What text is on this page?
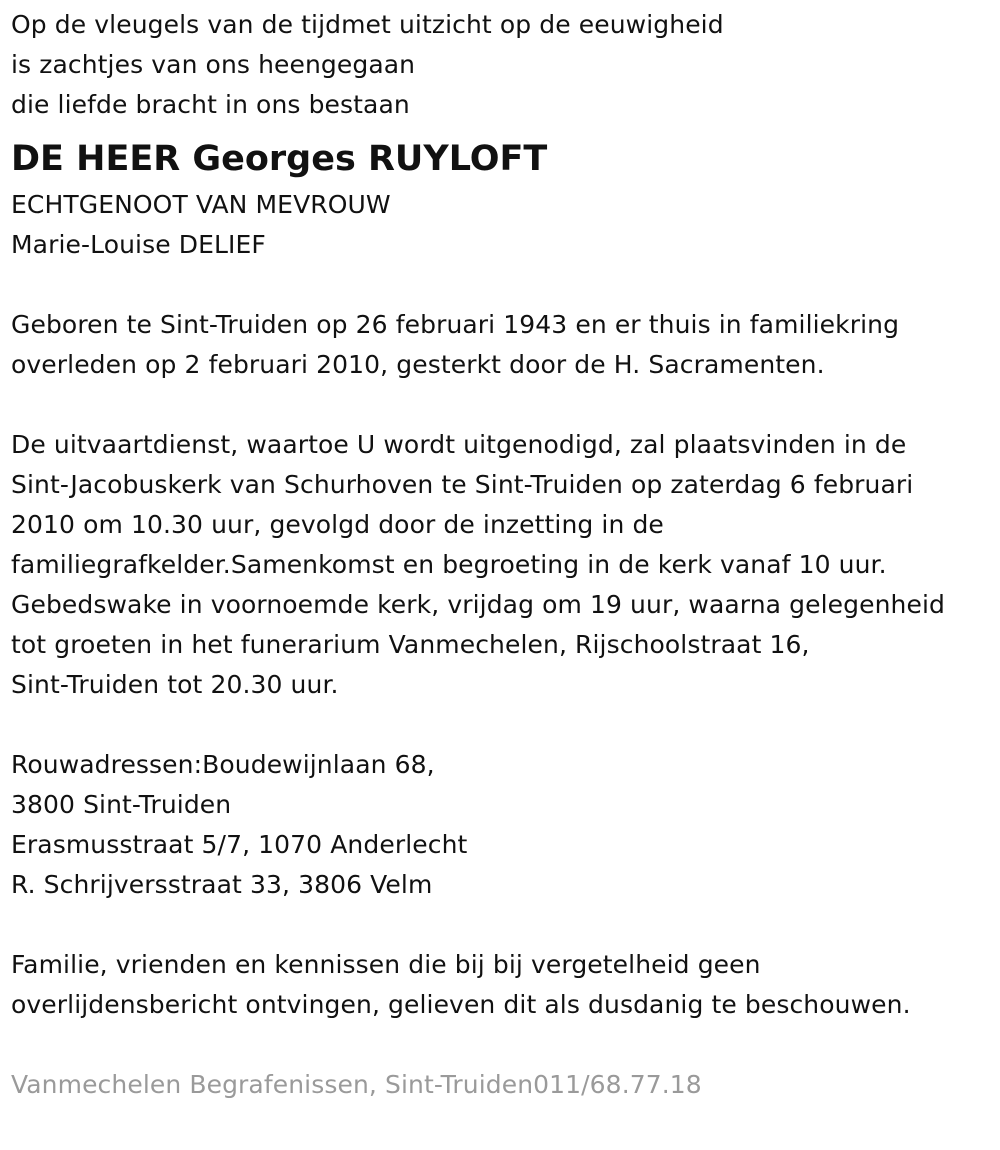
Op de vleugels van de tijdmet uitzicht op de eeuwigheid
is zachtjes van ons heengegaan
die liefde bracht in ons bestaan
DE HEER Georges RUYLOFT
ECHTGENOOT VAN MEVROUW
Marie-Louise DELIEF
Geboren te Sint-Truiden op 26 februari 1943 en er thuis in familiekring
overleden op 2 februari 2010, gesterkt door de H. Sacramenten.
De uitvaartdienst, waartoe U wordt uitgenodigd, zal plaatsvinden in de
Sint-Jacobuskerk van Schurhoven te Sint-Truiden op zaterdag 6 februari
2010 om 10.30 uur, gevolgd door de inzetting in de
familiegrafkelder.Samenkomst en begroeting in de kerk vanaf 10 uur.
Gebedswake in voornoemde kerk, vrijdag om 19 uur, waarna gelegenheid
tot groeten in het funerarium Vanmechelen, Rijschoolstraat 16,
Sint-Truiden tot 20.30 uur.
Rouwadressen:Boudewijnlaan 68,
3800 Sint-Truiden
Erasmusstraat 5/7, 1070 Anderlecht
R. Schrijversstraat 33, 3806 Velm
Familie, vrienden en kennissen die bij bij vergetelheid geen
overlijdensbericht ontvingen, gelieven dit als dusdanig te beschouwen.
Vanmechelen Begrafenissen, Sint-Truiden011/68.77.18
